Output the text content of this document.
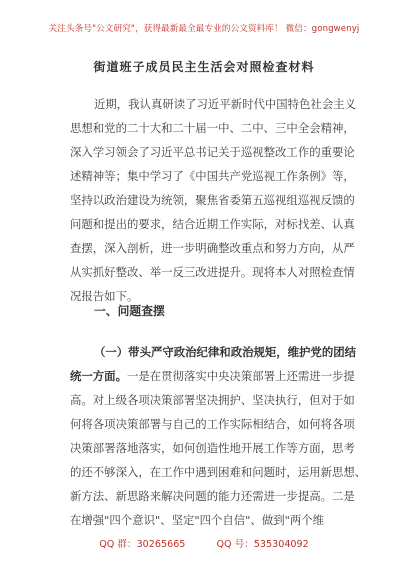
关注头条号"公文研究"，获得最新最全最专业的公文资料库！ 微信：gongwenyj
街道班子成员民主生活会对照检查材料
近期，我认真研读了习近平新时代中国特色社会主义
思想和党的二十大和二十届一中、二中、三中全会精神，
深入学习领会了习近平总书记关于巡视整改工作的重要论
述精神等；集中学习了《中国共产党巡视工作条例》等，
坚持以政治建设为统领，聚焦省委第五巡视组巡视反馈的
问题和提出的要求，结合近期工作实际，对标找差、认真
查摆，深入剖析，进一步明确整改重点和努力方向，从严
从实抓好整改、举一反三改进提升。现将本人对照检查情
况报告如下。
一、问题查摆
（一）带头严守政治纪律和政治规矩，维护党的团结
统一方面。一是在贯彻落实中央决策部署上还需进一步提
高。对上级各项决策部署坚决拥护、坚决执行，但对于如
何将各项决策部署与自己的工作实际相结合，如何将各项
决策部署落地落实，如何创造性地开展工作等方面，思考
的还不够深入，在工作中遇到困难和问题时，运用新思想、
新方法、新思路来解决问题的能力还需进一步提高。二是
在增强"四个意识"、坚定"四个自信"、做到"两个维
QQ 群：30265665	QQ 号：535304092
